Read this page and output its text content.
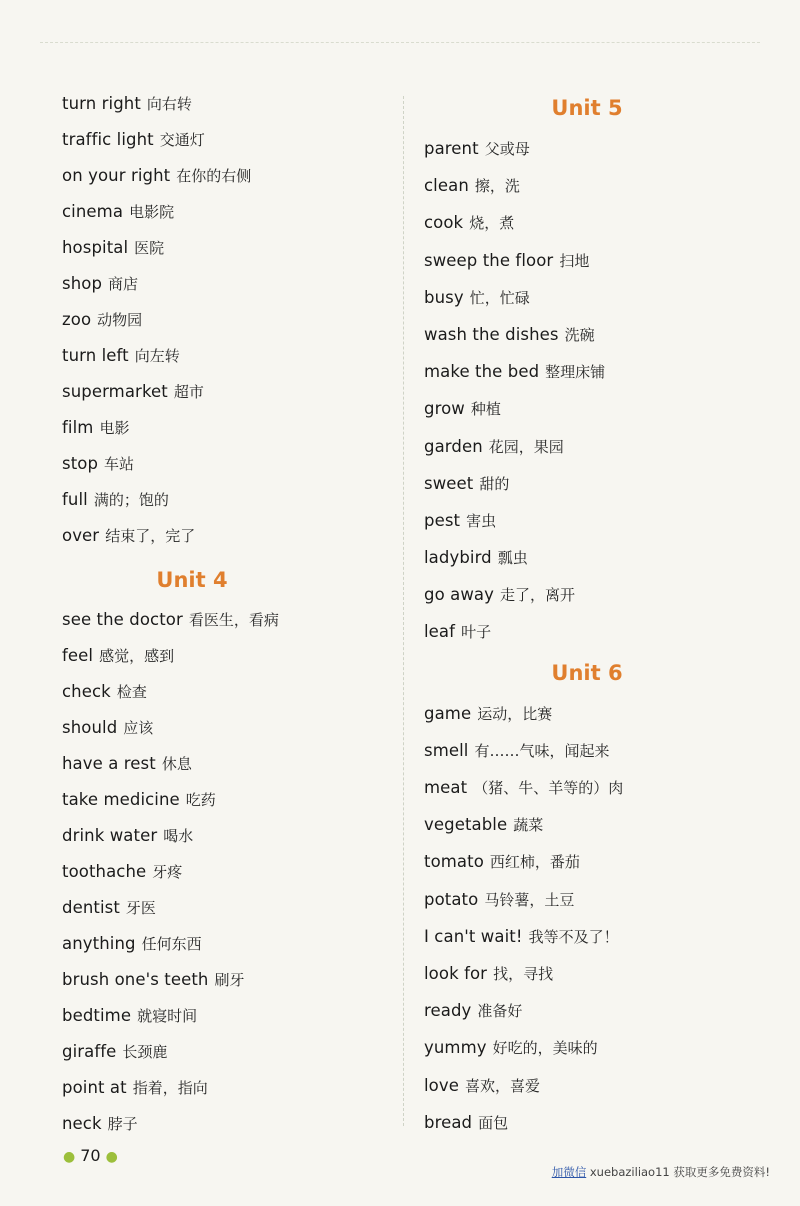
turn right 向右转
traffic light 交通灯
on your right 在你的右侧
cinema 电影院
hospital 医院
shop 商店
zoo 动物园
turn left 向左转
supermarket 超市
film 电影
stop 车站
full 满的；饱的
over 结束了，完了
Unit 4
see the doctor 看医生，看病
feel 感觉，感到
check 检查
should 应该
have a rest 休息
take medicine 吃药
drink water 喝水
toothache 牙疼
dentist 牙医
anything 任何东西
brush one's teeth 刷牙
bedtime 就寝时间
giraffe 长颈鹿
point at 指着，指向
neck 脖子
Unit 5
parent 父或母
clean 擦，洗
cook 烧，煮
sweep the floor 扫地
busy 忙，忙碌
wash the dishes 洗碗
make the bed 整理床铺
grow 种植
garden 花园，果园
sweet 甜的
pest 害虫
ladybird 瓢虫
go away 走了，离开
leaf 叶子
Unit 6
game 运动，比赛
smell 有……气味，闻起来
meat （猪、牛、羊等的）肉
vegetable 蔬菜
tomato 西红柿，番茄
potato 马铃薯，土豆
I can't wait! 我等不及了！
look for 找，寻找
ready 准备好
yummy 好吃的，美味的
love 喜欢，喜爱
bread 面包
● 70 ●
加微信 xuebaziliao11 获取更多免费资料!
